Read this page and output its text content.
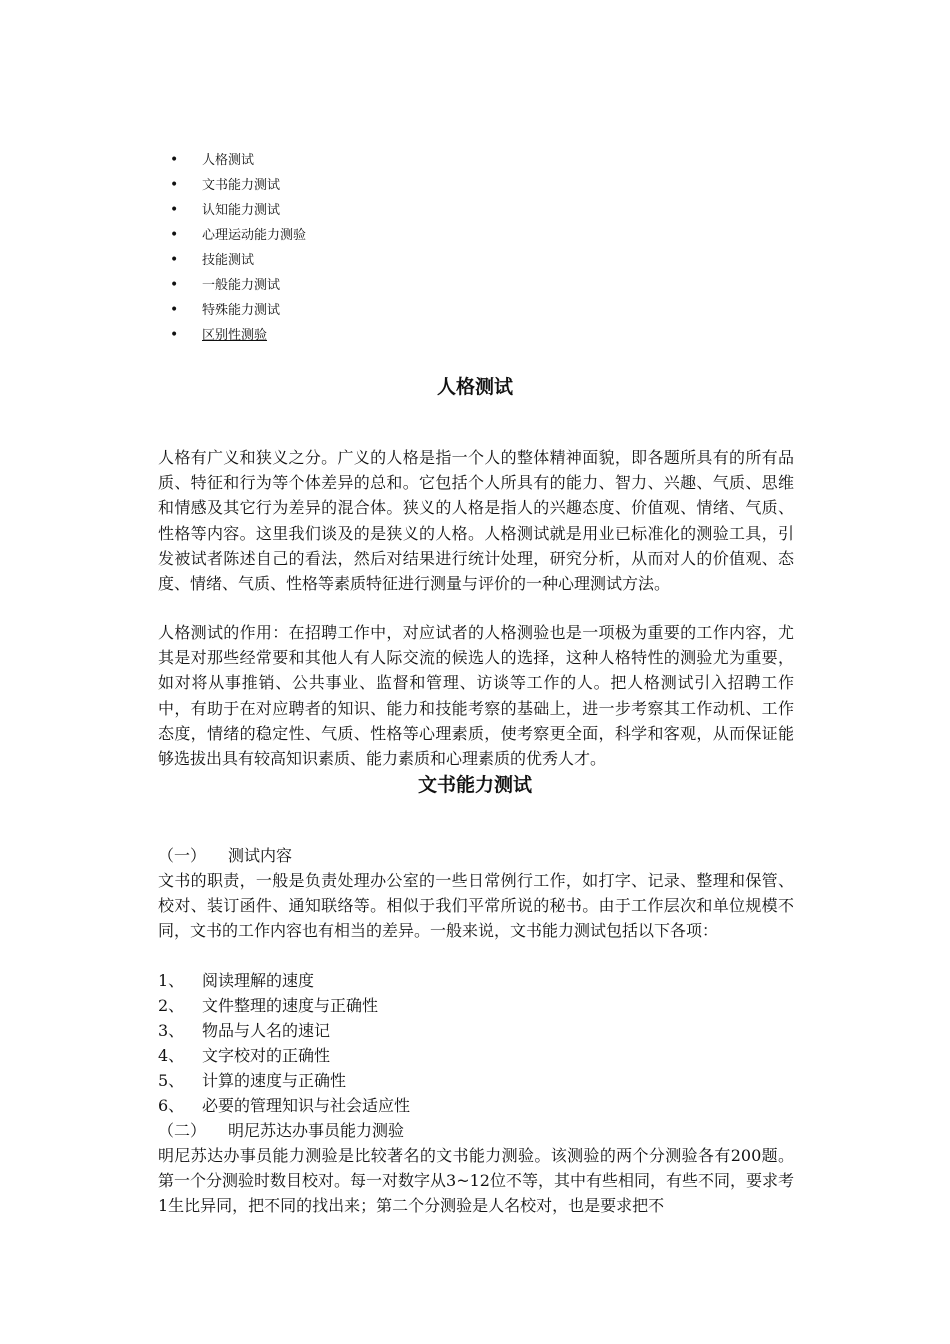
• 人格测试
• 文书能力测试
• 认知能力测试
• 心理运动能力测验
• 技能测试
• 一般能力测试
• 特殊能力测试
• 区别性测验
人格测试

人格有广义和狭义之分。广义的人格是指一个人的整体精神面貌，即各题所具有的所有品质、特征和行为等个体差异的总和。它包括个人所具有的能力、智力、兴趣、气质、思维和情感及其它行为差异的混合体。狭义的人格是指人的兴趣态度、价值观、情绪、气质、性格等内容。这里我们谈及的是狭义的人格。人格测试就是用业已标准化的测验工具，引发被试者陈述自己的看法，然后对结果进行统计处理，研究分析，从而对人的价值观、态度、情绪、气质、性格等素质特征进行测量与评价的一种心理测试方法。

人格测试的作用：在招聘工作中，对应试者的人格测验也是一项极为重要的工作内容，尤其是对那些经常要和其他人有人际交流的候选人的选择，这种人格特性的测验尤为重要，如对将从事推销、公共事业、监督和管理、访谈等工作的人。把人格测试引入招聘工作中，有助于在对应聘者的知识、能力和技能考察的基础上，进一步考察其工作动机、工作态度，情绪的稳定性、气质、性格等心理素质，使考察更全面，科学和客观，从而保证能够选拔出具有较高知识素质、能力素质和心理素质的优秀人才。

文书能力测试
（一） 测试内容

文书的职责，一般是负责处理办公室的一些日常例行工作，如打字、记录、整理和保管、校对、装订函件、通知联络等。相似于我们平常所说的秘书。由于工作层次和单位规模不同，文书的工作内容也有相当的差异。一般来说，文书能力测试包括以下各项：

1、 阅读理解的速度
2、 文件整理的速度与正确性
3、 物品与人名的速记
4、 文字校对的正确性
5、 计算的速度与正确性
6、 必要的管理知识与社会适应性
（二） 明尼苏达办事员能力测验

明尼苏达办事员能力测验是比较著名的文书能力测验。该测验的两个分测验各有200题。第一个分测验时数目校对。每一对数字从3~12位不等，其中有些相同，有些不同，要求考1生比异同，把不同的找出来；第二个分测验是人名校对，也是要求把不
